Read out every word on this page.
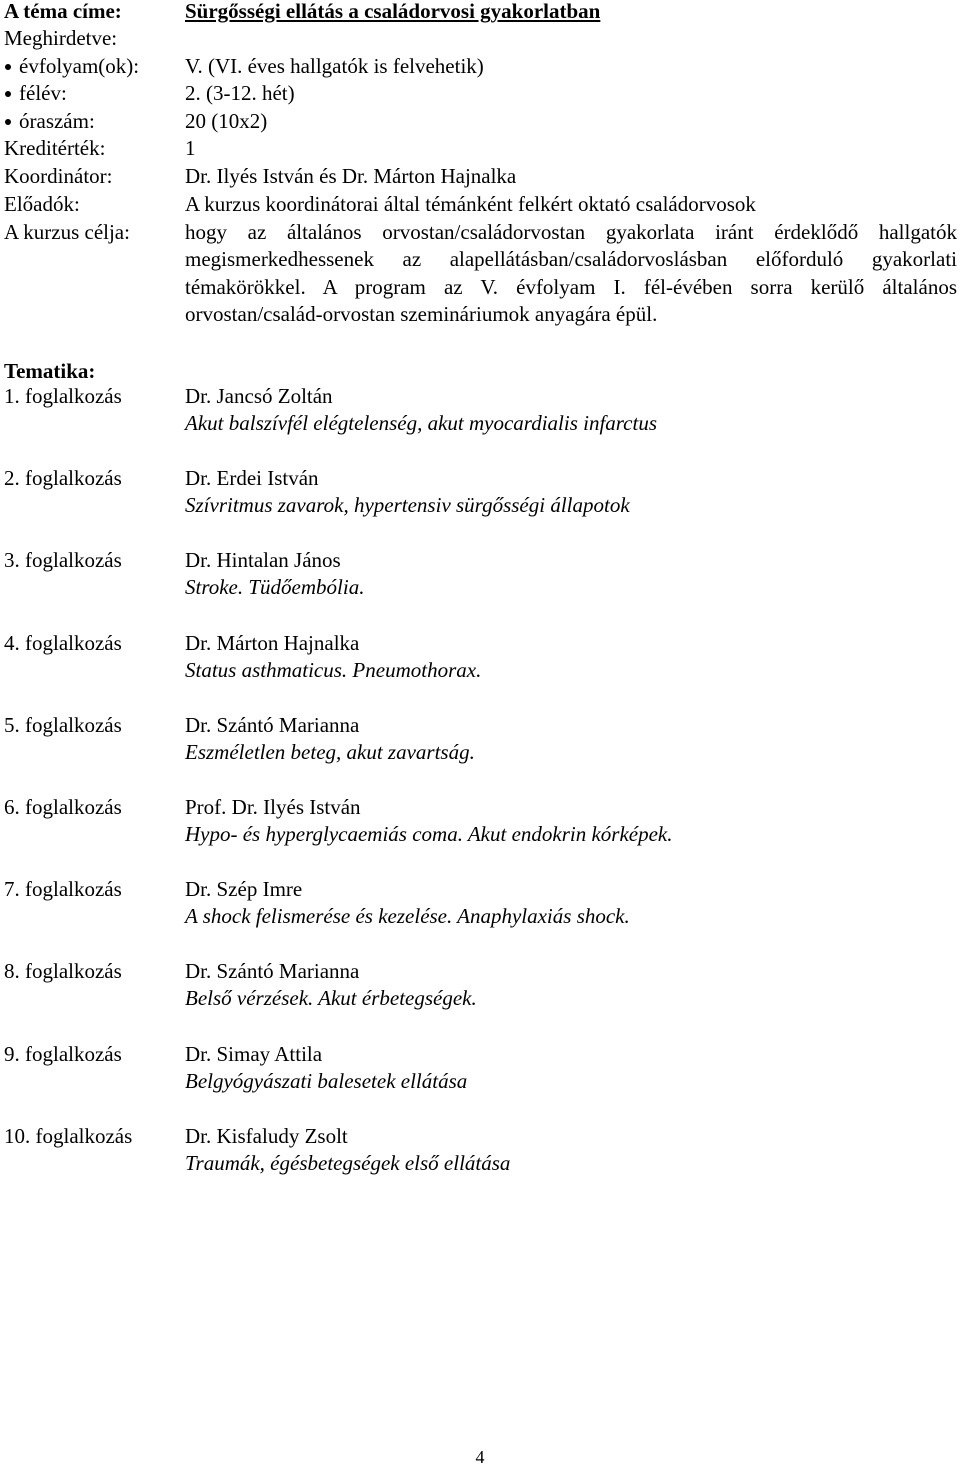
A téma címe:	Sürgősségi ellátás a családorvosi gyakorlatban
Meghirdetve:
évfolyam(ok): V. (VI. éves hallgatók is felvehetik)
félév:	2. (3-12. hét)
óraszám:	20 (10x2)
Kreditérték:	1
Koordinátor:	Dr. Ilyés István és Dr. Márton Hajnalka
Előadók:	A kurzus koordinátorai által témánként felkért oktató családorvosok
A kurzus célja:	hogy az általános orvostan/családorvostan gyakorlata iránt érdeklődő hallgatók
megismerkedhessenek az alapellátásban/családorvoslásban előforduló gyakorlati
témakörökkel. A program az V. évfolyam I. fél-évében sorra kerülő általános
orvostan/család-orvostan szemináriumok anyagára épül.
Tematika:
1. foglalkozás	Dr. Jancsó Zoltán
Akut balszívfél elégtelenség, akut myocardialis infarctus
2. foglalkozás	Dr. Erdei István
Szívritmus zavarok, hypertensiv sürgősségi állapotok
3. foglalkozás	Dr. Hintalan János
Stroke. Tüdőembólia.
4. foglalkozás	Dr. Márton Hajnalka
Status asthmaticus. Pneumothorax.
5. foglalkozás	Dr. Szántó Marianna
Eszméletlen beteg, akut zavartság.
6. foglalkozás	Prof. Dr. Ilyés István
Hypo- és hyperglycaemiás coma. Akut endokrin kórképek.
7. foglalkozás	Dr. Szép Imre
A shock felismerése és kezelése. Anaphylaxiás shock.
8. foglalkozás	Dr. Szántó Marianna
Belső vérzések. Akut érbetegségek.
9. foglalkozás	Dr. Simay Attila
Belgyógyászati balesetek ellátása
10. foglalkozás	Dr. Kisfaludy Zsolt
Traumák, égésbetegségek első ellátása
4
